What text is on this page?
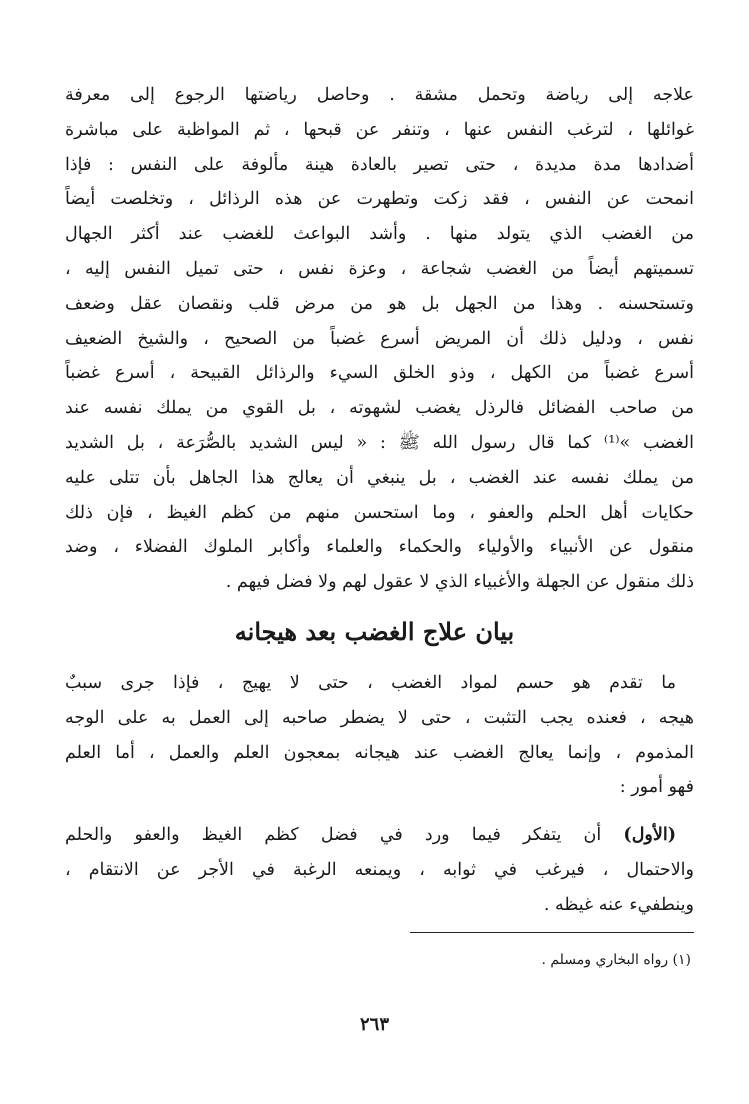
علاجه إلى رياضة وتحمل مشقة . وحاصل رياضتها الرجوع إلى معرفة
غوائلها ، لترغب النفس عنها ، وتنفر عن قبحها ، ثم المواظبة على مباشرة
أضدادها مدة مديدة ، حتى تصير بالعادة هينة مألوفة على النفس : فإذا
انمحت عن النفس ، فقد زكت وتطهرت عن هذه الرذائل ، وتخلصت أيضاً
من الغضب الذي يتولد منها . وأشد البواعث للغضب عند أكثر الجهال
تسميتهم أيضاً من الغضب شجاعة ، وعزة نفس ، حتى تميل النفس إليه ،
وتستحسنه . وهذا من الجهل بل هو من مرض قلب ونقصان عقل وضعف
نفس ، ودليل ذلك أن المريض أسرع غضباً من الصحيح ، والشيخ الضعيف
أسرع غضباً من الكهل ، وذو الخلق السيء والرذائل القبيحة ، أسرع غضباً
من صاحب الفضائل فالرذل يغضب لشهوته ، بل القوي من يملك نفسه عند
الغضب »⁽¹⁾ كما قال رسول الله ﷺ : « ليس الشديد بالصُّرَعة ، بل الشديد
من يملك نفسه عند الغضب ، بل ينبغي أن يعالج هذا الجاهل بأن تتلى عليه
حكايات أهل الحلم والعفو ، وما استحسن منهم من كظم الغيظ ، فإن ذلك
منقول عن الأنبياء والأولياء والحكماء والعلماء وأكابر الملوك الفضلاء ، وضد
ذلك منقول عن الجهلة والأغبياء الذي لا عقول لهم ولا فضل فيهم .
بيان علاج الغضب بعد هيجانه
ما تقدم هو حسم لمواد الغضب ، حتى لا يهيج ، فإذا جرى سببٌ
هيجه ، فعنده يجب التثبت ، حتى لا يضطر صاحبه إلى العمل به على الوجه
المذموم ، وإنما يعالج الغضب عند هيجانه بمعجون العلم والعمل ، أما العلم
فهو أمور :
(الأول) أن يتفكر فيما ورد في فضل كظم الغيظ والعفو والحلم
والاحتمال ، فيرغب في ثوابه ، ويمنعه الرغبة في الأجر عن الانتقام ،
وينطفيء عنه غيظه .
(١) رواه البخاري ومسلم .
٢٦٣
